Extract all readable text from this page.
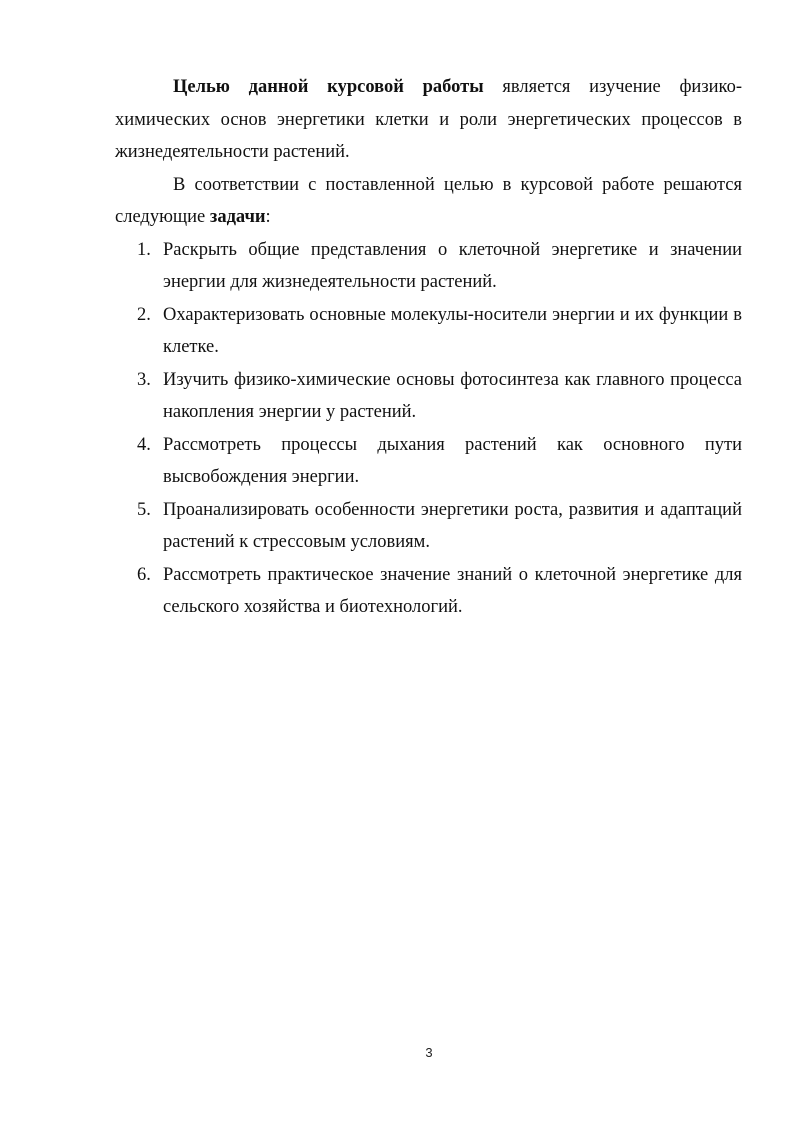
Целью данной курсовой работы является изучение физико-химических основ энергетики клетки и роли энергетических процессов в жизнедеятельности растений.

В соответствии с поставленной целью в курсовой работе решаются следующие задачи:

1. Раскрыть общие представления о клеточной энергетике и значении энергии для жизнедеятельности растений.
2. Охарактеризовать основные молекулы-носители энергии и их функции в клетке.
3. Изучить физико-химические основы фотосинтеза как главного процесса накопления энергии у растений.
4. Рассмотреть процессы дыхания растений как основного пути высвобождения энергии.
5. Проанализировать особенности энергетики роста, развития и адаптаций растений к стрессовым условиям.
6. Рассмотреть практическое значение знаний о клеточной энергетике для сельского хозяйства и биотехнологий.
3
